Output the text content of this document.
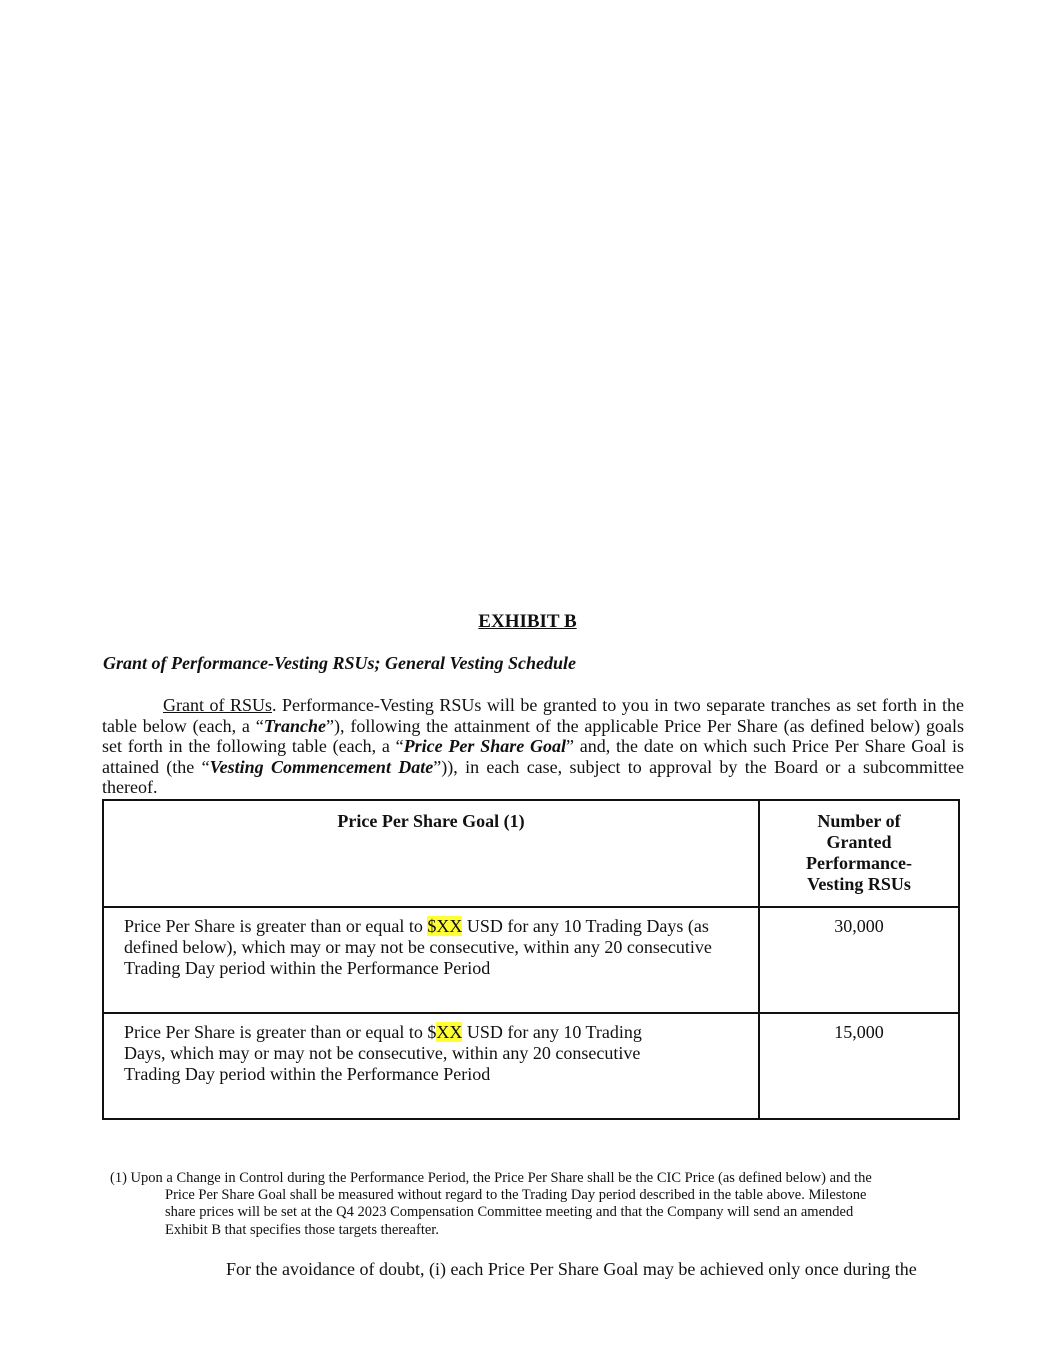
EXHIBIT B
Grant of Performance-Vesting RSUs; General Vesting Schedule

Grant of RSUs. Performance-Vesting RSUs will be granted to you in two separate tranches as set forth in the table below (each, a “Tranche”), following the attainment of the applicable Price Per Share (as defined below) goals set forth in the following table (each, a “Price Per Share Goal” and, the date on which such Price Per Share Goal is attained (the “Vesting Commencement Date”)), in each case, subject to approval by the Board or a subcommittee thereof.

Price Per Share Goal (1)	Number of Granted Performance-Vesting RSUs
Price Per Share is greater than or equal to $XX USD for any 10 Trading Days (as defined below), which may or may not be consecutive, within any 20 consecutive Trading Day period within the Performance Period	30,000
Price Per Share is greater than or equal to $XX USD for any 10 Trading Days, which may or may not be consecutive, within any 20 consecutive Trading Day period within the Performance Period	15,000
(1) Upon a Change in Control during the Performance Period, the Price Per Share shall be the CIC Price (as defined below) and the Price Per Share Goal shall be measured without regard to the Trading Day period described in the table above. Milestone share prices will be set at the Q4 2023 Compensation Committee meeting and that the Company will send an amended Exhibit B that specifies those targets thereafter.
For the avoidance of doubt, (i) each Price Per Share Goal may be achieved only once during the
